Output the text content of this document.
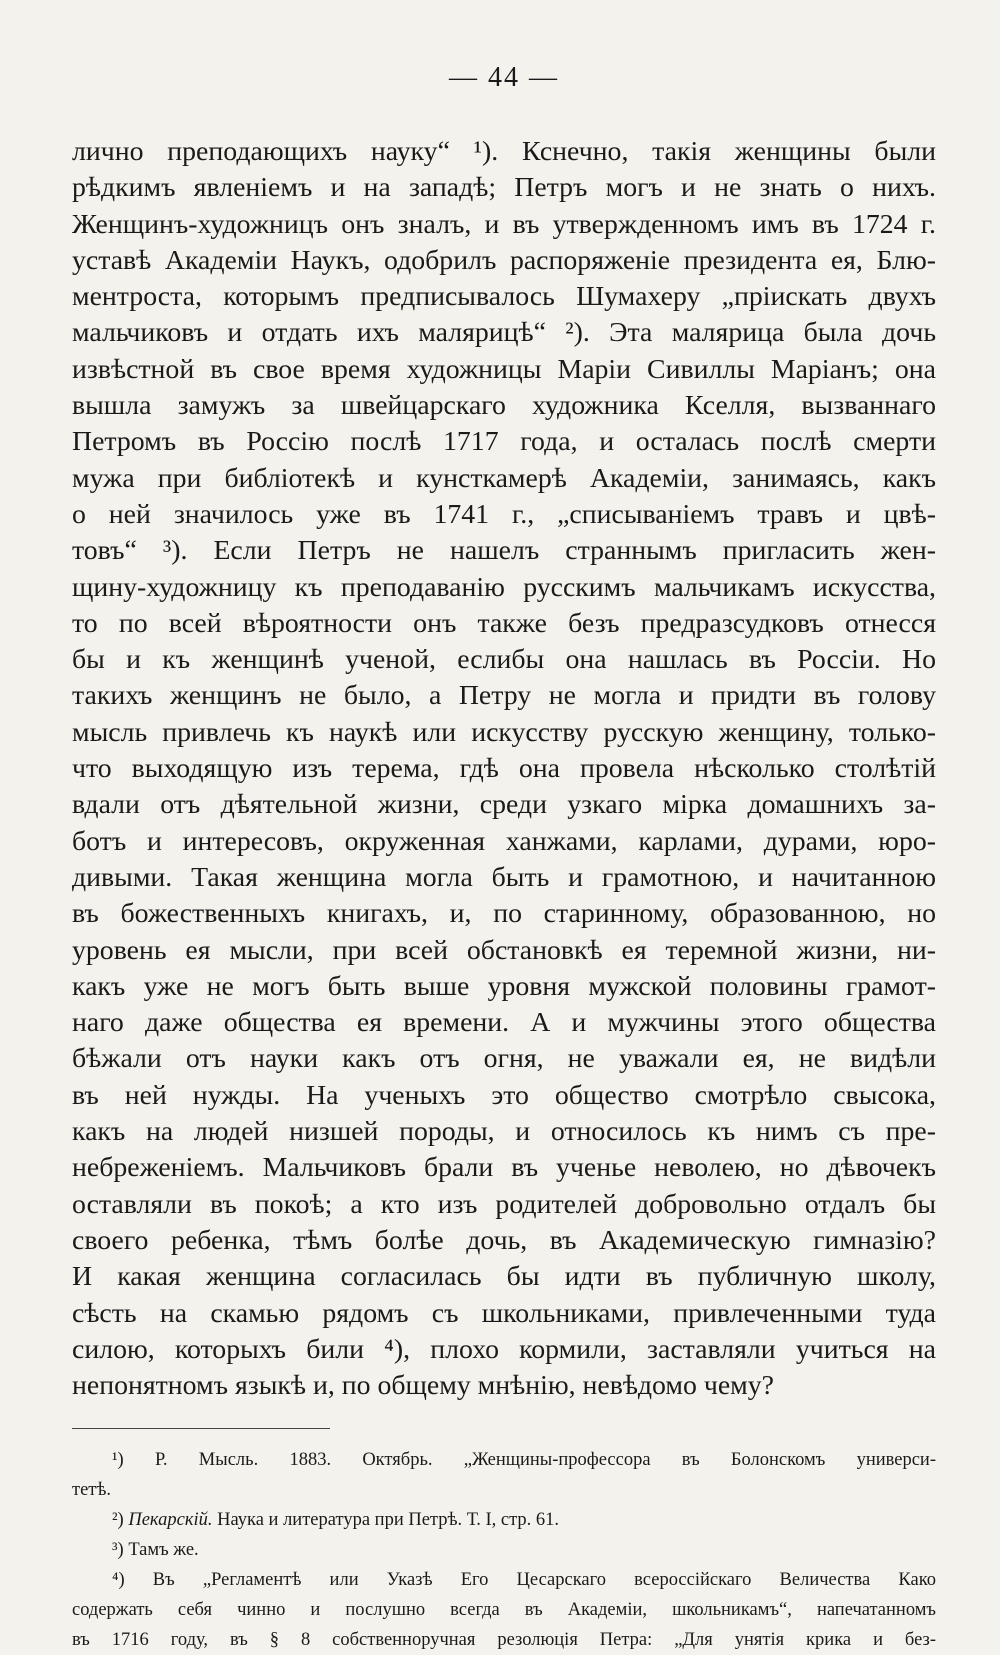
— 44 —
лично преподающихъ науку“ ¹). Кснечно, такія женщины были
рѣдкимъ явленіемъ и на западѣ; Петръ могъ и не знать о нихъ.
Женщинъ-художницъ онъ зналъ, и въ утвержденномъ имъ въ 1724 г.
уставѣ Академіи Наукъ, одобрилъ распоряженіе президента ея, Блю-
ментроста, которымъ предписывалось Шумахеру „пріискать двухъ
мальчиковъ и отдать ихъ малярицѣ“ ²). Эта малярица была дочь
извѣстной въ свое время художницы Маріи Сивиллы Маріанъ; она
вышла замужъ за швейцарскаго художника Кселля, вызваннаго
Петромъ въ Россію послѣ 1717 года, и осталась послѣ смерти
мужа при библіотекѣ и кунсткамерѣ Академіи, занимаясь, какъ
о ней значилось уже въ 1741 г., „списываніемъ травъ и цвѣ-
товъ“ ³). Если Петръ не нашелъ страннымъ пригласить жен-
щину-художницу къ преподаванію русскимъ мальчикамъ искусства,
то по всей вѣроятности онъ также безъ предразсудковъ отнесся
бы и къ женщинѣ ученой, еслибы она нашлась въ Россіи. Но
такихъ женщинъ не было, а Петру не могла и придти въ голову
мысль привлечь къ наукѣ или искусству русскую женщину, только-
что выходящую изъ терема, гдѣ она провела нѣсколько столѣтій
вдали отъ дѣятельной жизни, среди узкаго мірка домашнихъ за-
ботъ и интересовъ, окруженная ханжами, карлами, дурами, юро-
дивыми. Такая женщина могла быть и грамотною, и начитанною
въ божественныхъ книгахъ, и, по старинному, образованною, но
уровень ея мысли, при всей обстановкѣ ея теремной жизни, ни-
какъ уже не могъ быть выше уровня мужской половины грамот-
наго даже общества ея времени. А и мужчины этого общества
бѣжали отъ науки какъ отъ огня, не уважали ея, не видѣли
въ ней нужды. На ученыхъ это общество смотрѣло свысока,
какъ на людей низшей породы, и относилось къ нимъ съ пре-
небреженіемъ. Мальчиковъ брали въ ученье неволею, но дѣвочекъ
оставляли въ покоѣ; а кто изъ родителей добровольно отдалъ бы
своего ребенка, тѣмъ болѣе дочь, въ Академическую гимназію?
И какая женщина согласилась бы идти въ публичную школу,
сѣсть на скамью рядомъ съ школьниками, привлеченными туда
силою, которыхъ били ⁴), плохо кормили, заставляли учиться на
непонятномъ языкѣ и, по общему мнѣнію, невѣдомо чему?
¹) Р. Мысль. 1883. Октябрь. „Женщины-профессора въ Болонскомъ универси-
тетѣ.
²) Пекарскій. Наука и литература при Петрѣ. Т. I, стр. 61.
³) Тамъ же.
⁴) Въ „Регламентѣ или Указѣ Его Цесарскаго всероссійскаго Величества Како
содержать себя чинно и послушно всегда въ Академіи, школьникамъ“, напечатанномъ
въ 1716 году, въ § 8 собственноручная резолюція Петра: „Для унятія крика и без-
